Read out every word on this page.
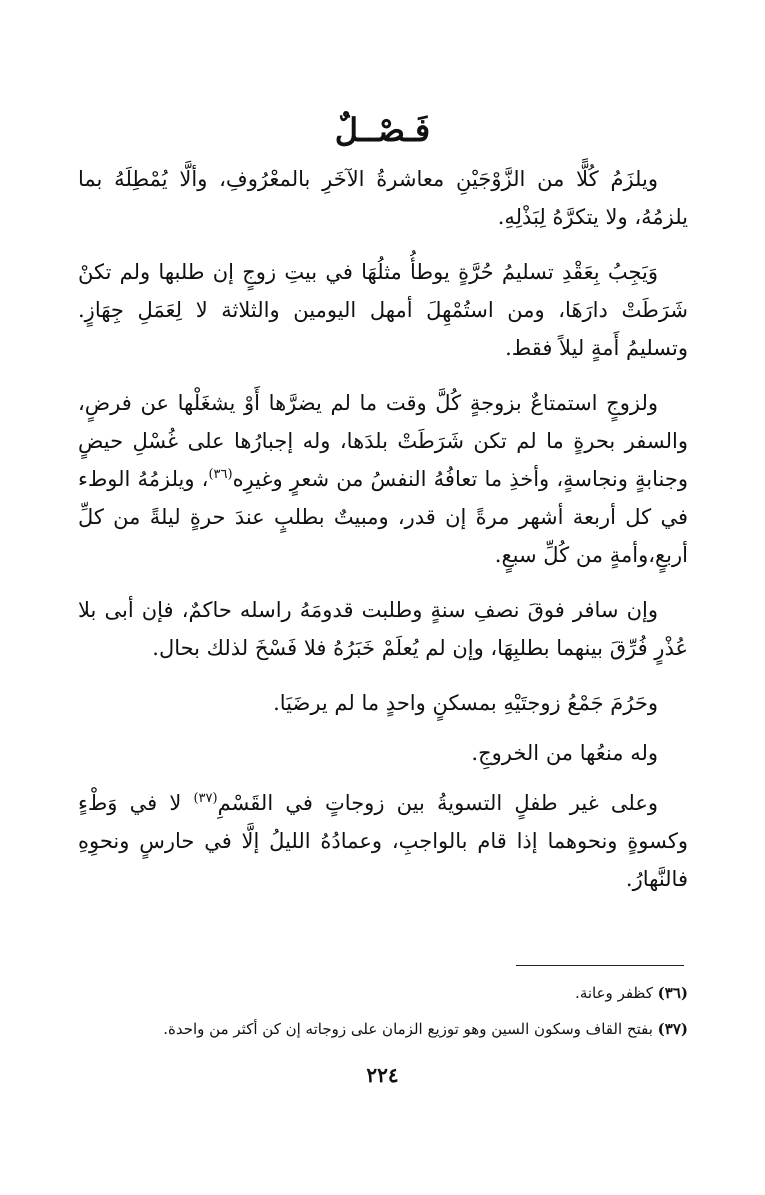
فَـصْــلٌ

ويلزَمُ كُلًّا من الزَّوْجَيْنِ معاشرةُ الآخَرِ بالمعْرُوفِ، وألَّا يُمْطِلَهُ بما يلزمُهُ، ولا يتكرَّهُ لِبَذْلِهِ.

وَيَجِبُ بِعَقْدِ تسليمُ حُرَّةٍ يوطأُ مثلُهَا في بيتِ زوجٍ إن طلبها ولم تكنْ شَرَطَتْ دارَهَا، ومن استُمْهِلَ أمهل اليومين والثلاثة لا لِعَمَلِ جِهَازٍ. وتسليمُ أَمةٍ ليلاً فقط.

ولزوجٍ استمتاعٌ بزوجةٍ كُلَّ وقت ما لم يضرَّها أَوْ يشغَلْها عن فرضٍ، والسفر بحرةٍ ما لم تكن شَرَطَتْ بلدَها، وله إجبارُها على غُسْلِ حيضٍ وجنابةٍ ونجاسةٍ، وأخذِ ما تعافُهُ النفسُ من شعرٍ وغيرِه$^{(٣٦)}$، ويلزمُهُ الوطء في كل أربعة أشهر مرةً إن قدر، ومبيتٌ بطلبٍ عندَ حرةٍ ليلةً من كلِّ أربعٍ،وأمةٍ من كُلِّ سبعٍ.

وإن سافر فوقَ نصفِ سنةٍ وطلبت قدومَهُ راسله حاكمٌ، فإن أبى بلا عُذْرٍ فُرِّقَ بينهما بطلبِهَا، وإن لم يُعلَمْ خَبَرُهُ فلا فَسْخَ لذلك بحال.

وحَرُمَ جَمْعُ زوجتَيْهِ بمسكنٍ واحدٍ ما لم يرضَيَا.

وله منعُها من الخروجِ.

وعلى غير طفلٍ التسويةُ بين زوجاتٍ في القَسْمِ$^{(٣٧)}$ لا في وَطْءٍ وكسوةٍ ونحوهما إذا قام بالواجبِ، وعمادُهُ الليلُ إلَّا في حارسٍ ونحوِهِ فالنَّهارُ.

(٣٦) كظفر وعانة.

(٣٧) بفتح القاف وسكون السين وهو توزيع الزمان على زوجاته إن كن أكثر من واحدة.

٢٢٤
